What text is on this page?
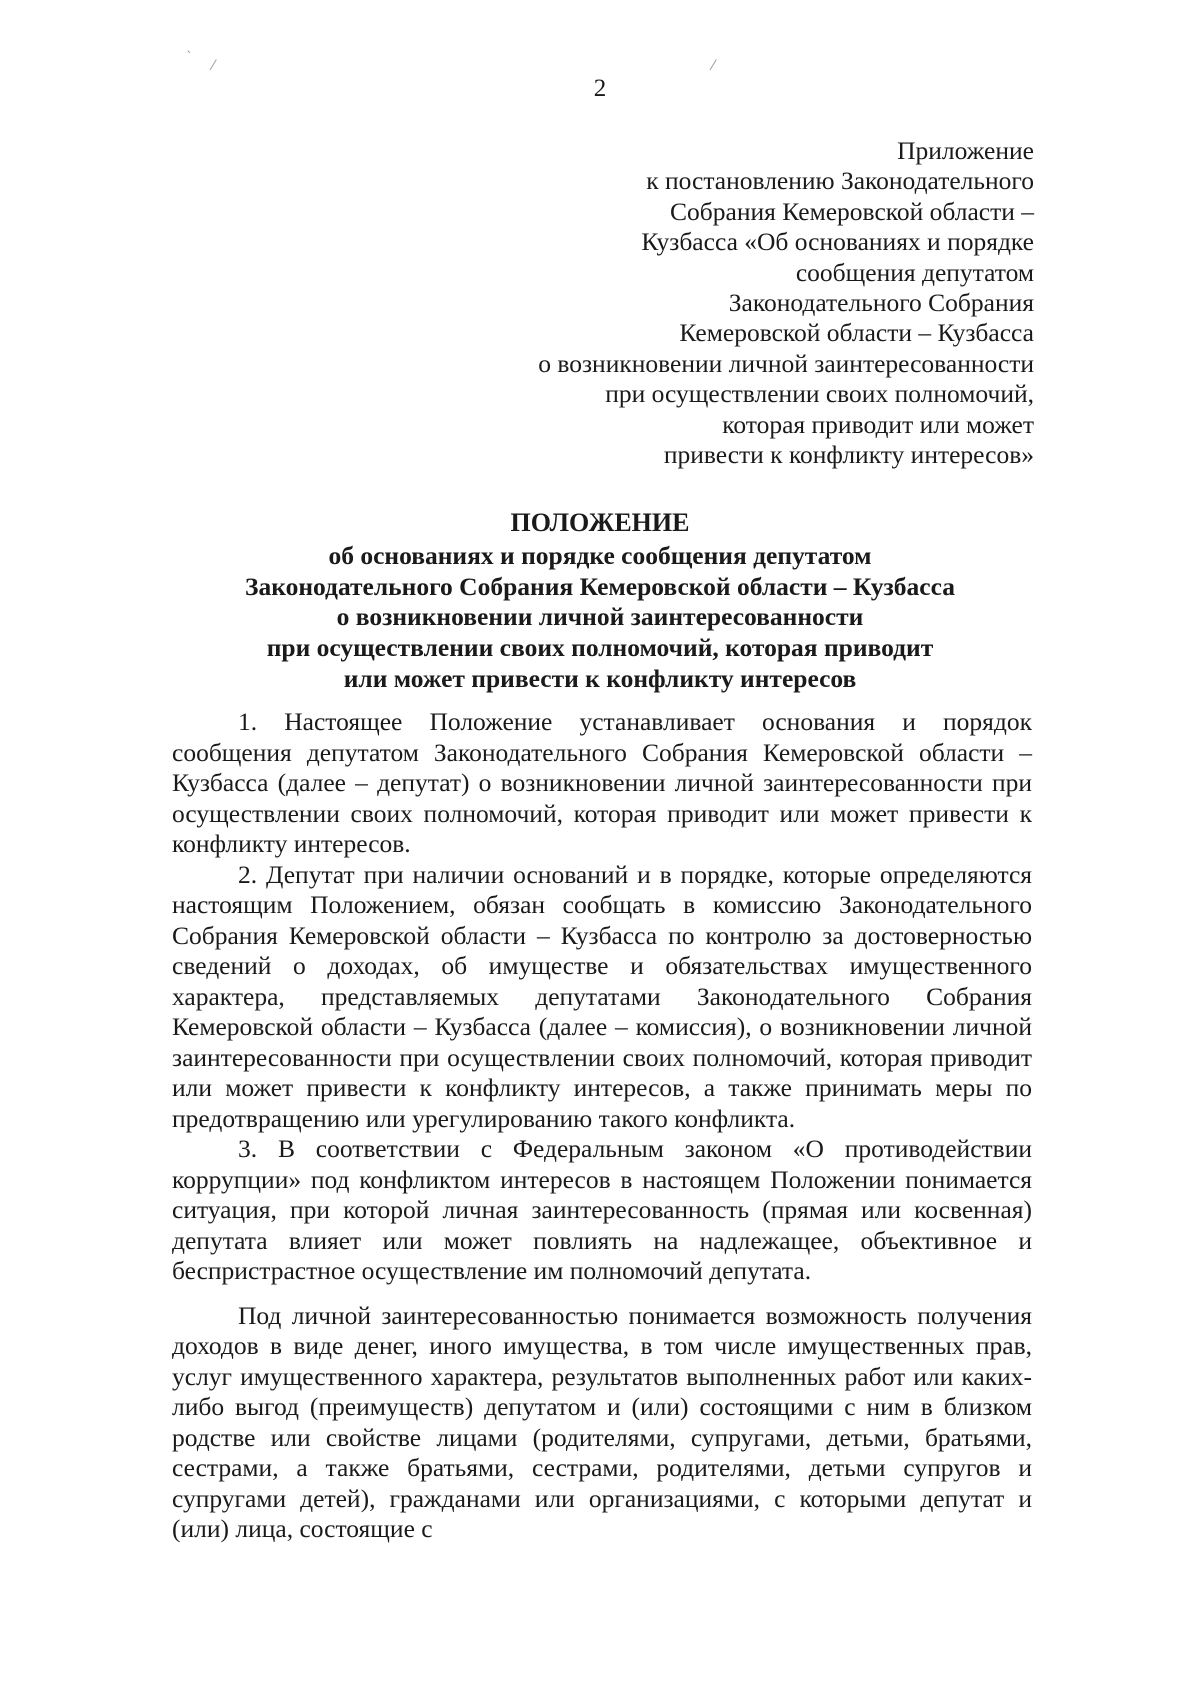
ˋ ⁄	⁄
2
Приложение
к постановлению Законодательного
Собрания Кемеровской области –
Кузбасса «Об основаниях и порядке
сообщения депутатом
Законодательного Собрания
Кемеровской области – Кузбасса
о возникновении личной заинтересованности
при осуществлении своих полномочий,
которая приводит или может
привести к конфликту интересов»
ПОЛОЖЕНИЕ
об основаниях и порядке сообщения депутатом
Законодательного Собрания Кемеровской области – Кузбасса
о возникновении личной заинтересованности
при осуществлении своих полномочий, которая приводит
или может привести к конфликту интересов

1. Настоящее Положение устанавливает основания и порядок сообщения депутатом Законодательного Собрания Кемеровской области – Кузбасса (далее – депутат) о возникновении личной заинтересованности при осуществлении своих полномочий, которая приводит или может привести к конфликту интересов.

2. Депутат при наличии оснований и в порядке, которые определяются настоящим Положением, обязан сообщать в комиссию Законодательного Собрания Кемеровской области – Кузбасса по контролю за достоверностью сведений о доходах, об имуществе и обязательствах имущественного характера, представляемых депутатами Законодательного Собрания Кемеровской области – Кузбасса (далее – комиссия), о возникновении личной заинтересованности при осуществлении своих полномочий, которая приводит или может привести к конфликту интересов, а также принимать меры по предотвращению или урегулированию такого конфликта.

3. В соответствии с Федеральным законом «О противодействии коррупции» под конфликтом интересов в настоящем Положении понимается ситуация, при которой личная заинтересованность (прямая или косвенная) депутата влияет или может повлиять на надлежащее, объективное и беспристрастное осуществление им полномочий депутата.

Под личной заинтересованностью понимается возможность получения доходов в виде денег, иного имущества, в том числе имущественных прав, услуг имущественного характера, результатов выполненных работ или каких-либо выгод (преимуществ) депутатом и (или) состоящими с ним в близком родстве или свойстве лицами (родителями, супругами, детьми, братьями, сестрами, а также братьями, сестрами, родителями, детьми супругов и супругами детей), гражданами или организациями, с которыми депутат и (или) лица, состоящие с
